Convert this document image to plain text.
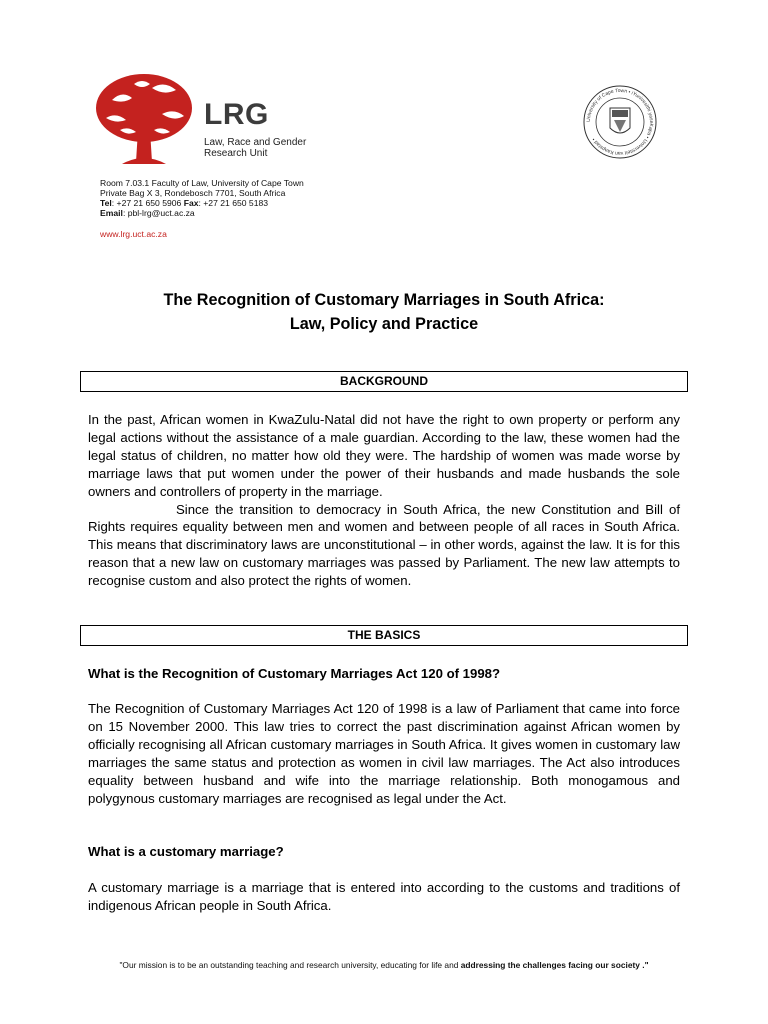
LRG
Law, Race and Gender
Research Unit
Room 7.03.1 Faculty of Law, University of Cape Town
Private Bag X 3, Rondebosch 7701, South Africa
Tel: +27 21 650 5906 Fax: +27 21 650 5183
Email: pbl-lrg@uct.ac.za
www.lrg.uct.ac.za
University of Cape Town • iYunivesithi yaseKapa • Universiteit van Kaapstad •
The Recognition of Customary Marriages in South Africa:
Law, Policy and Practice
BACKGROUND
In the past, African women in KwaZulu-Natal did not have the right to own property or perform any legal actions without the assistance of a male guardian. According to the law, these women had the legal status of children, no matter how old they were. The hardship of women was made worse by marriage laws that put women under the power of their husbands and made husbands the sole owners and controllers of property in the marriage.
Since the transition to democracy in South Africa, the new Constitution and Bill of Rights requires equality between men and women and between people of all races in South Africa. This means that discriminatory laws are unconstitutional – in other words, against the law. It is for this reason that a new law on customary marriages was passed by Parliament. The new law attempts to recognise custom and also protect the rights of women.
THE BASICS
What is the Recognition of Customary Marriages Act 120 of 1998?
The Recognition of Customary Marriages Act 120 of 1998 is a law of Parliament that came into force on 15 November 2000. This law tries to correct the past discrimination against African women by officially recognising all African customary marriages in South Africa. It gives women in customary law marriages the same status and protection as women in civil law marriages. The Act also introduces equality between husband and wife into the marriage relationship. Both monogamous and polygynous customary marriages are recognised as legal under the Act.
What is a customary marriage?
A customary marriage is a marriage that is entered into according to the customs and traditions of indigenous African people in South Africa.
"Our mission is to be an outstanding teaching and research university, educating for life and addressing the challenges facing our society ."
